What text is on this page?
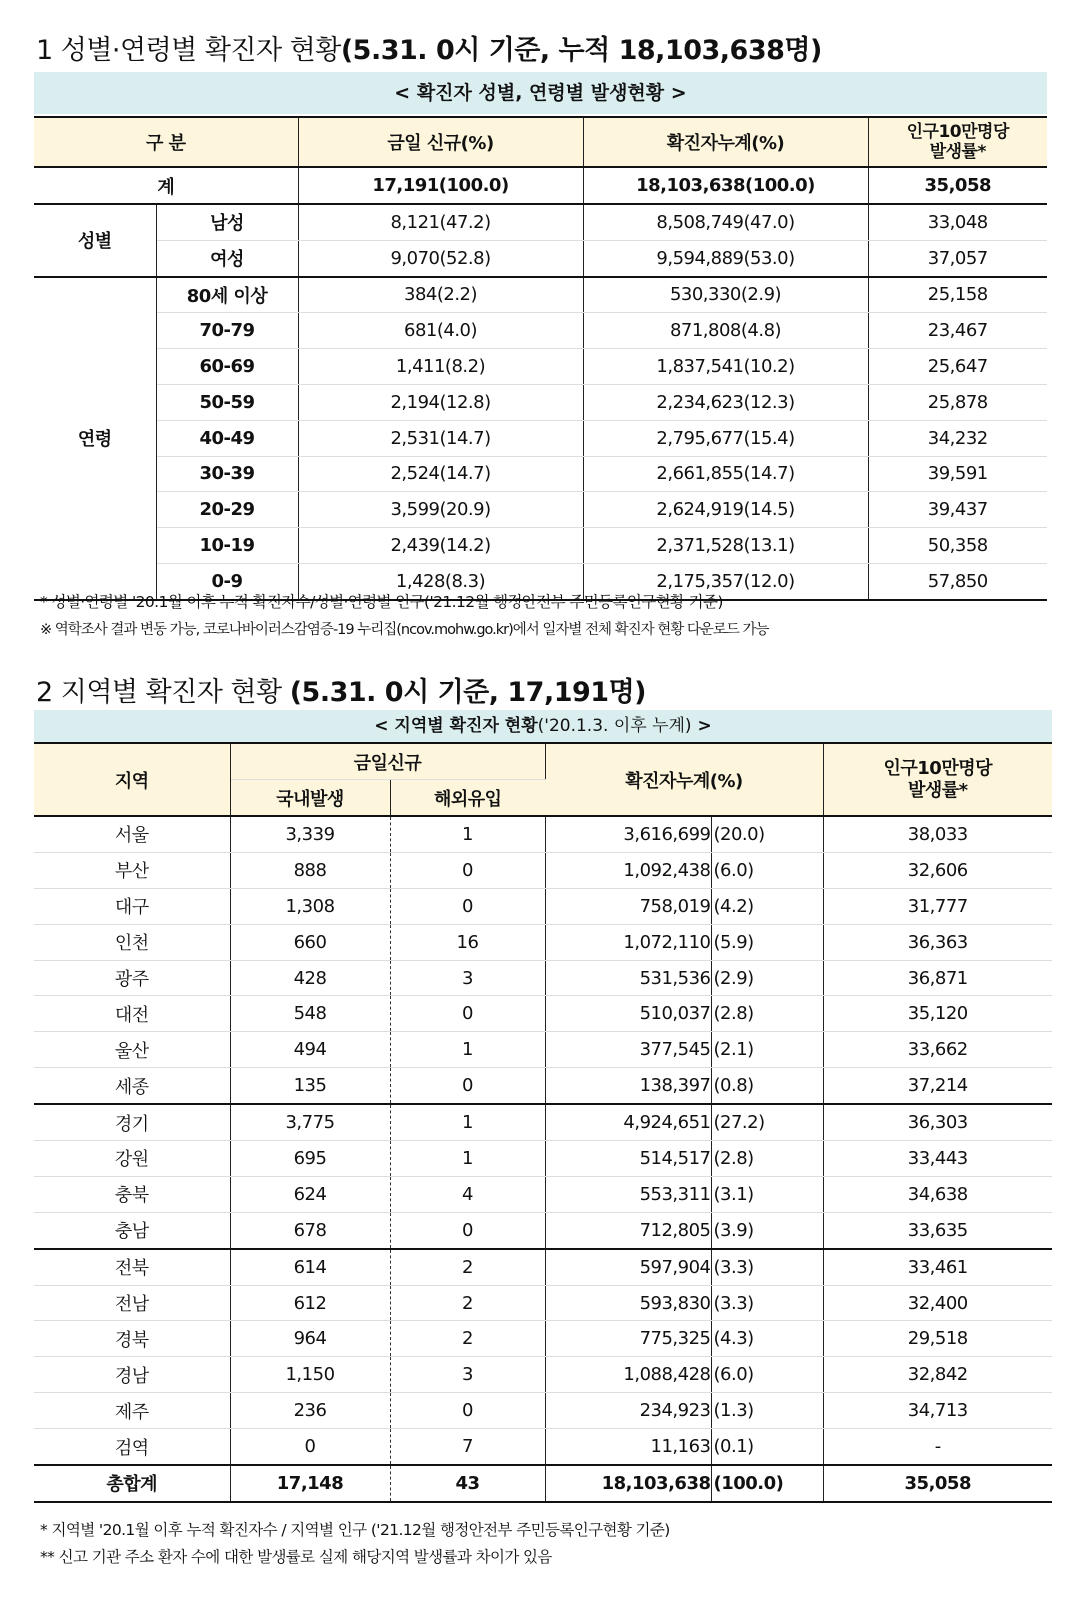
1 성별·연령별 확진자 현황(5.31. 0시 기준, 누적 18,103,638명)
< 확진자 성별, 연령별 발생현황 >
구 분		금일 신규(%)	확진자누계(%)	인구10만명당
발생률*
계		17,191(100.0)	18,103,638(100.0)	35,058
성별	남성	8,121(47.2)	8,508,749(47.0)	33,048
	여성	9,070(52.8)	9,594,889(53.0)	37,057
연령	80세 이상	384(2.2)	530,330(2.9)	25,158
	70-79	681(4.0)	871,808(4.8)	23,467
	60-69	1,411(8.2)	1,837,541(10.2)	25,647
	50-59	2,194(12.8)	2,234,623(12.3)	25,878
	40-49	2,531(14.7)	2,795,677(15.4)	34,232
	30-39	2,524(14.7)	2,661,855(14.7)	39,591
	20-29	3,599(20.9)	2,624,919(14.5)	39,437
	10-19	2,439(14.2)	2,371,528(13.1)	50,358
	0-9	1,428(8.3)	2,175,357(12.0)	57,850
* 성별·연령별 '20.1월 이후 누적 확진자수/성별·연령별 인구('21.12월 행정안전부 주민등록인구현황 기준)
※ 역학조사 결과 변동 가능, 코로나바이러스감염증-19 누리집(ncov.mohw.go.kr)에서 일자별 전체 확진자 현황 다운로드 가능
2 지역별 확진자 현황 (5.31. 0시 기준, 17,191명)
< 지역별 확진자 현황('20.1.3. 이후 누계) >
지역	금일신규		확진자누계(%)		인구10만명당
발생률*
	국내발생	해외유입			
서울	3,339	1	3,616,699	(20.0)	38,033
부산	888	0	1,092,438	(6.0)	32,606
대구	1,308	0	758,019	(4.2)	31,777
인천	660	16	1,072,110	(5.9)	36,363
광주	428	3	531,536	(2.9)	36,871
대전	548	0	510,037	(2.8)	35,120
울산	494	1	377,545	(2.1)	33,662
세종	135	0	138,397	(0.8)	37,214
경기	3,775	1	4,924,651	(27.2)	36,303
강원	695	1	514,517	(2.8)	33,443
충북	624	4	553,311	(3.1)	34,638
충남	678	0	712,805	(3.9)	33,635
전북	614	2	597,904	(3.3)	33,461
전남	612	2	593,830	(3.3)	32,400
경북	964	2	775,325	(4.3)	29,518
경남	1,150	3	1,088,428	(6.0)	32,842
제주	236	0	234,923	(1.3)	34,713
검역	0	7	11,163	(0.1)	-
총합계	17,148	43	18,103,638	(100.0)	35,058
* 지역별 '20.1월 이후 누적 확진자수 / 지역별 인구 ('21.12월 행정안전부 주민등록인구현황 기준)
** 신고 기관 주소 환자 수에 대한 발생률로 실제 해당지역 발생률과 차이가 있음
